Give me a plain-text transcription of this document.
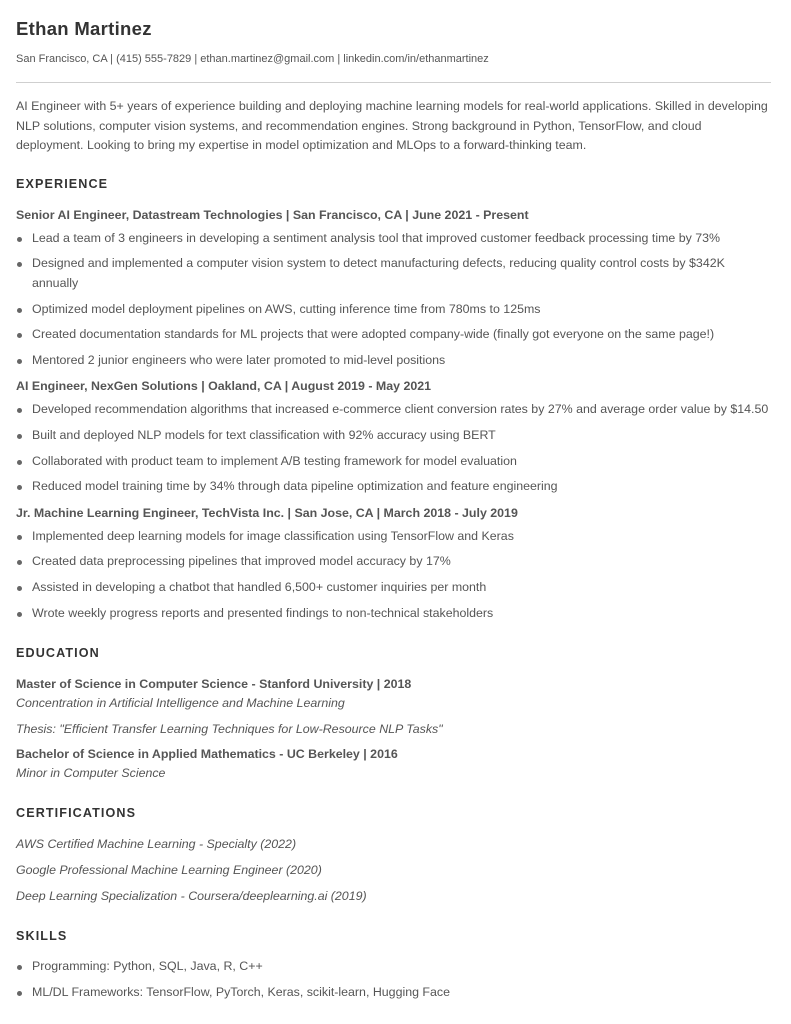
Ethan Martinez
San Francisco, CA | (415) 555-7829 | ethan.martinez@gmail.com | linkedin.com/in/ethanmartinez

AI Engineer with 5+ years of experience building and deploying machine learning models for real-world applications. Skilled in developing NLP solutions, computer vision systems, and recommendation engines. Strong background in Python, TensorFlow, and cloud deployment. Looking to bring my expertise in model optimization and MLOps to a forward-thinking team.

EXPERIENCE
Senior AI Engineer, Datastream Technologies | San Francisco, CA | June 2021 - Present
Lead a team of 3 engineers in developing a sentiment analysis tool that improved customer feedback processing time by 73%
Designed and implemented a computer vision system to detect manufacturing defects, reducing quality control costs by $342K annually
Optimized model deployment pipelines on AWS, cutting inference time from 780ms to 125ms
Created documentation standards for ML projects that were adopted company-wide (finally got everyone on the same page!)
Mentored 2 junior engineers who were later promoted to mid-level positions
AI Engineer, NexGen Solutions | Oakland, CA | August 2019 - May 2021
Developed recommendation algorithms that increased e-commerce client conversion rates by 27% and average order value by $14.50
Built and deployed NLP models for text classification with 92% accuracy using BERT
Collaborated with product team to implement A/B testing framework for model evaluation
Reduced model training time by 34% through data pipeline optimization and feature engineering
Jr. Machine Learning Engineer, TechVista Inc. | San Jose, CA | March 2018 - July 2019
Implemented deep learning models for image classification using TensorFlow and Keras
Created data preprocessing pipelines that improved model accuracy by 17%
Assisted in developing a chatbot that handled 6,500+ customer inquiries per month
Wrote weekly progress reports and presented findings to non-technical stakeholders
EDUCATION
Master of Science in Computer Science - Stanford University | 2018
Concentration in Artificial Intelligence and Machine Learning
Thesis: "Efficient Transfer Learning Techniques for Low-Resource NLP Tasks"
Bachelor of Science in Applied Mathematics - UC Berkeley | 2016
Minor in Computer Science
CERTIFICATIONS
AWS Certified Machine Learning - Specialty (2022)
Google Professional Machine Learning Engineer (2020)
Deep Learning Specialization - Coursera/deeplearning.ai (2019)
SKILLS
Programming: Python, SQL, Java, R, C++
ML/DL Frameworks: TensorFlow, PyTorch, Keras, scikit-learn, Hugging Face
